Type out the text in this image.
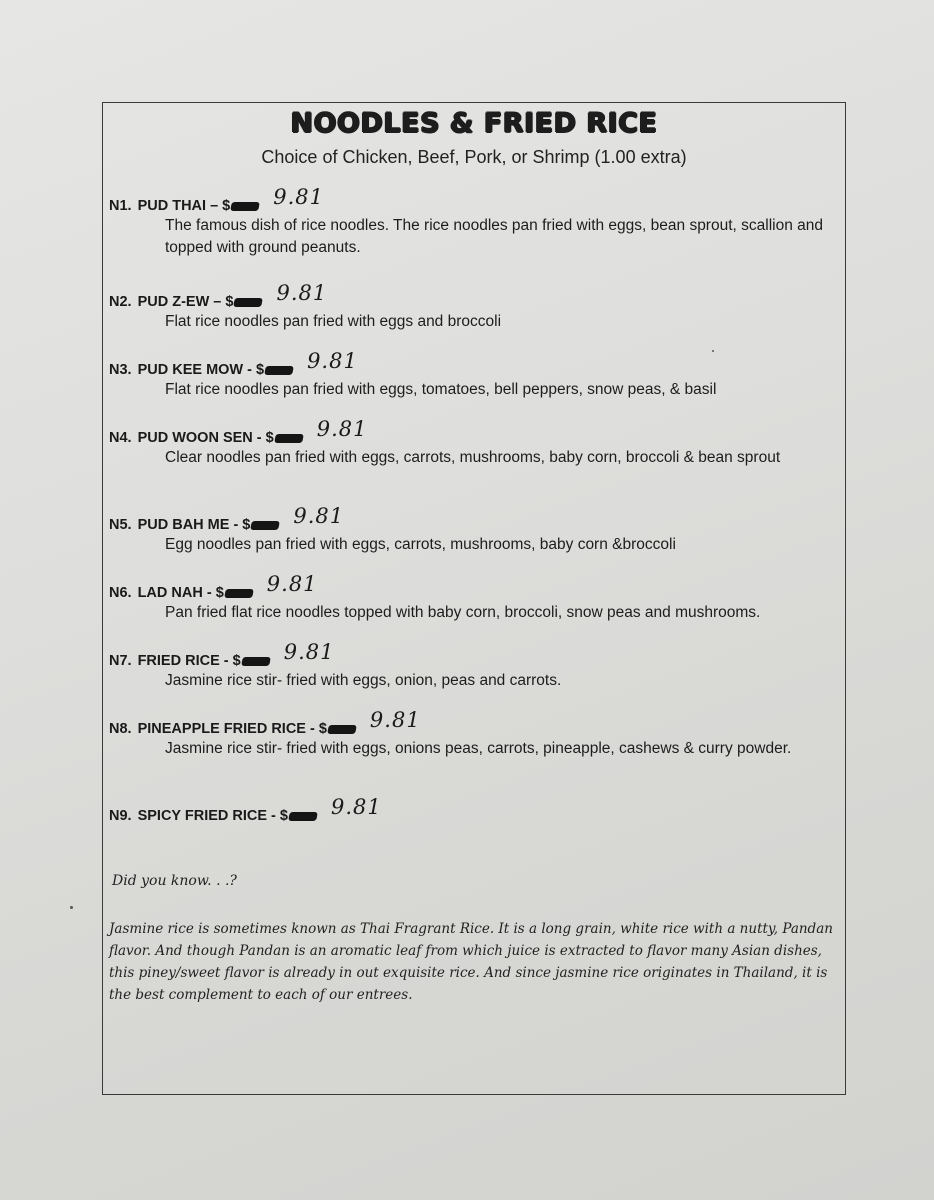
NOODLES & FRIED RICE
Choice of Chicken, Beef, Pork, or Shrimp (1.00 extra)
N1. PUD THAI – $ 9.81
The famous dish of rice noodles. The rice noodles pan fried with eggs, bean sprout, scallion and topped with ground peanuts.
N2. PUD Z-EW – $ 9.81
Flat rice noodles pan fried with eggs and broccoli
N3. PUD KEE MOW - $ 9.81
Flat rice noodles pan fried with eggs, tomatoes, bell peppers, snow peas, & basil
N4. PUD WOON SEN - $ 9.81
Clear noodles pan fried with eggs, carrots, mushrooms, baby corn, broccoli & bean sprout
N5. PUD BAH ME - $ 9.81
Egg noodles pan fried with eggs, carrots, mushrooms, baby corn &broccoli
N6. LAD NAH - $ 9.81
Pan fried flat rice noodles topped with baby corn, broccoli, snow peas and mushrooms.
N7. FRIED RICE - $ 9.81
Jasmine rice stir- fried with eggs, onion, peas and carrots.
N8. PINEAPPLE FRIED RICE - $ 9.81
Jasmine rice stir- fried with eggs, onions peas, carrots, pineapple, cashews & curry powder.
N9. SPICY FRIED RICE - $ 9.81
Did you know. . .?
Jasmine rice is sometimes known as Thai Fragrant Rice. It is a long grain, white rice with a nutty, Pandan flavor. And though Pandan is an aromatic leaf from which juice is extracted to flavor many Asian dishes, this piney/sweet flavor is already in out exquisite rice. And since jasmine rice originates in Thailand, it is the best complement to each of our entrees.
